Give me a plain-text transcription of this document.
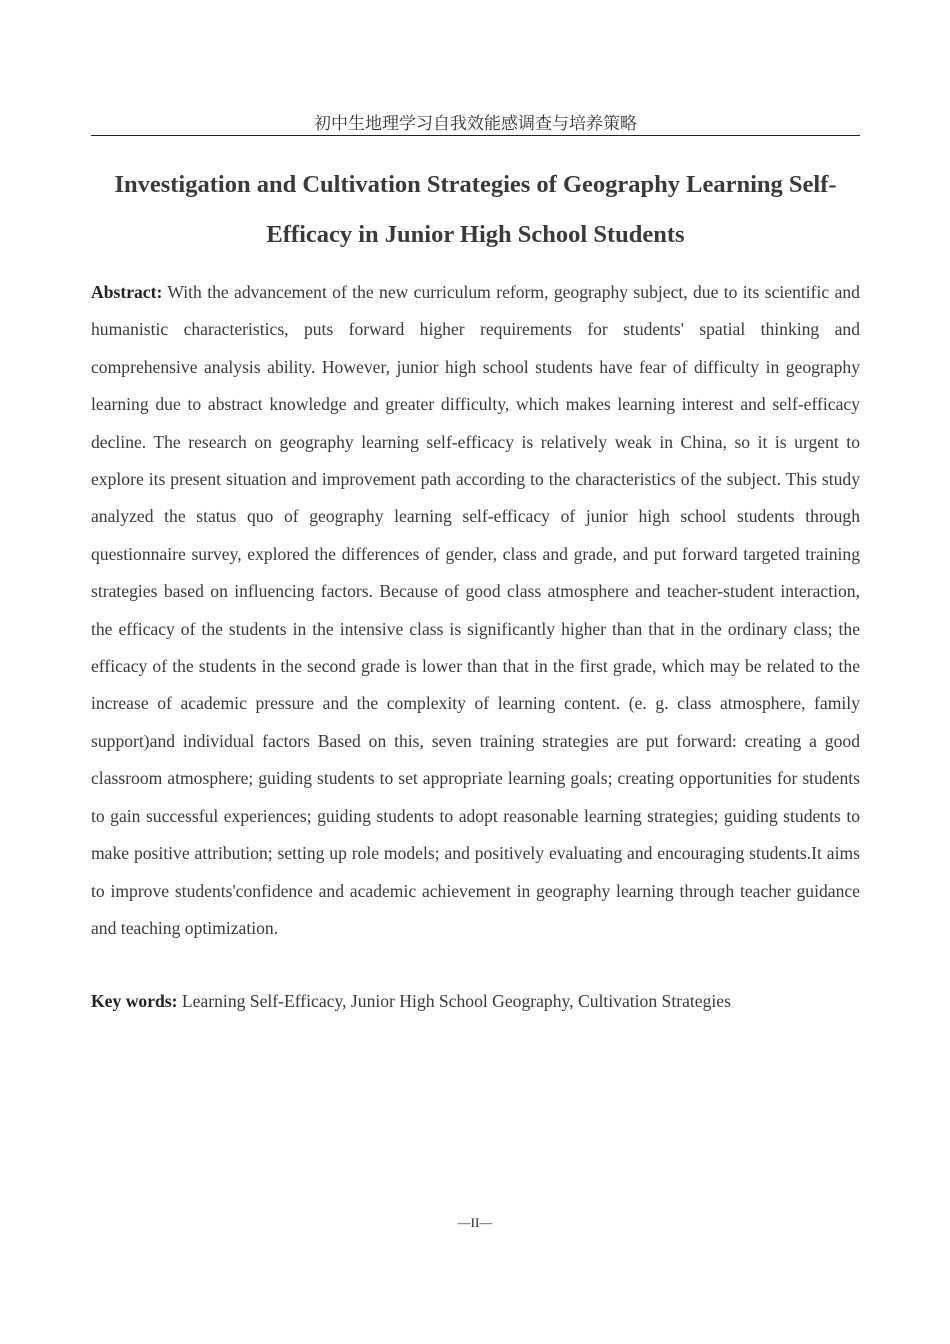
初中生地理学习自我效能感调查与培养策略
Investigation and Cultivation Strategies of Geography Learning Self-Efficacy in Junior High School Students
Abstract: With the advancement of the new curriculum reform, geography subject, due to its scientific and humanistic characteristics, puts forward higher requirements for students' spatial thinking and comprehensive analysis ability. However, junior high school students have fear of difficulty in geography learning due to abstract knowledge and greater difficulty, which makes learning interest and self-efficacy decline. The research on geography learning self-efficacy is relatively weak in China, so it is urgent to explore its present situation and improvement path according to the characteristics of the subject. This study analyzed the status quo of geography learning self-efficacy of junior high school students through questionnaire survey, explored the differences of gender, class and grade, and put forward targeted training strategies based on influencing factors. Because of good class atmosphere and teacher-student interaction, the efficacy of the students in the intensive class is significantly higher than that in the ordinary class; the efficacy of the students in the second grade is lower than that in the first grade, which may be related to the increase of academic pressure and the complexity of learning content. (e. g. class atmosphere, family support)and individual factors Based on this, seven training strategies are put forward: creating a good classroom atmosphere; guiding students to set appropriate learning goals; creating opportunities for students to gain successful experiences; guiding students to adopt reasonable learning strategies; guiding students to make positive attribution; setting up role models; and positively evaluating and encouraging students.It aims to improve students'confidence and academic achievement in geography learning through teacher guidance and teaching optimization.
Key words: Learning Self-Efficacy, Junior High School Geography, Cultivation Strategies
—II—
